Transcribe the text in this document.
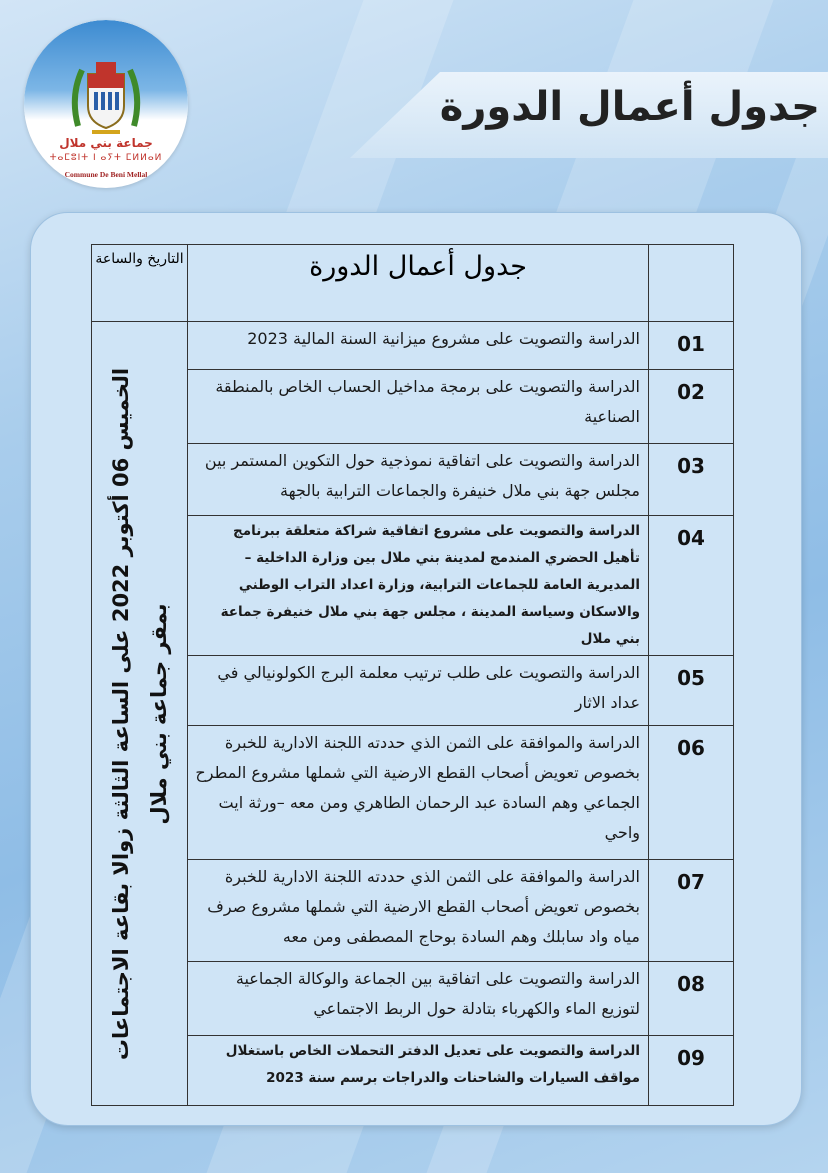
جماعة بني ملال
ⵜⴰⵎⵓⵏⵜ ⵏ ⴰⵢⵜ ⵎⵍⵍⴰⵍ
Commune De Beni Mellal
جدول أعمال الدورة
التاريخ والساعة	جدول أعمال الدورة	

الخميس 06 أكتوبر 2022 على الساعة الثالثة زوالا بقاعة الاجتماعات
بمقر جماعة بني ملال	الدراسة والتصويت على مشروع ميزانية السنة المالية 2023	01
	الدراسة والتصويت على برمجة مداخيل الحساب الخاص بالمنطقة الصناعية	02
	الدراسة والتصويت على اتفاقية نموذجية حول التكوين المستمر بين مجلس جهة بني ملال خنيفرة والجماعات الترابية بالجهة	03
	الدراسة والتصويت على مشروع اتفاقية شراكة متعلقة ببرنامج تأهيل الحضري المندمج لمدينة بني ملال بين وزارة الداخلية –المديرية العامة للجماعات الترابية، وزارة اعداد التراب الوطني والاسكان وسياسة المدينة ، مجلس جهة بني ملال خنيفرة جماعة بني ملال	04
	الدراسة والتصويت على طلب ترتيب معلمة البرج الكولونيالي في عداد الاثار	05
	الدراسة والموافقة على الثمن الذي حددته اللجنة الادارية للخبرة بخصوص تعويض أصحاب القطع الارضية التي شملها مشروع المطرح الجماعي وهم السادة عبد الرحمان الطاهري ومن معه –ورثة ايت واحي	06
	الدراسة والموافقة على الثمن الذي حددته اللجنة الادارية للخبرة بخصوص تعويض أصحاب القطع الارضية التي شملها مشروع صرف مياه واد سابلك وهم السادة بوحاج المصطفى ومن معه	07
	الدراسة والتصويت على اتفاقية بين الجماعة والوكالة الجماعية لتوزيع الماء والكهرباء بتادلة حول الربط الاجتماعي	08
	الدراسة والتصويت على تعديل الدفتر التحملات الخاص باستغلال مواقف السيارات والشاحنات والدراجات برسم سنة 2023	09
